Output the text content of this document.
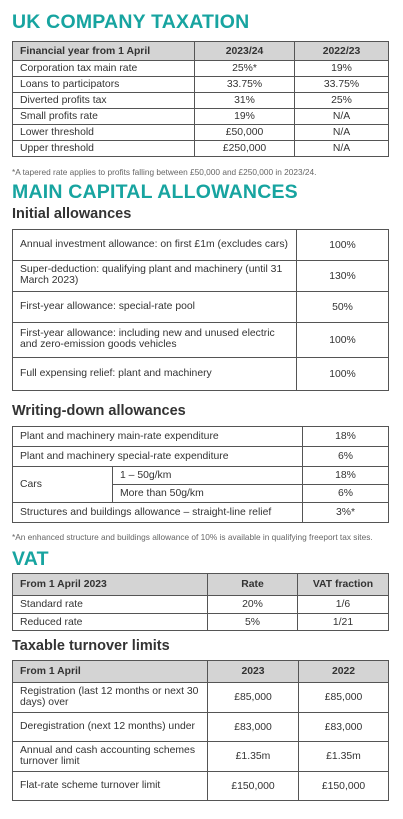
UK COMPANY TAXATION
Financial year from 1 April	2023/24	2022/23
Corporation tax main rate	25%*	19%
Loans to participators	33.75%	33.75%
Diverted profits tax	31%	25%
Small profits rate	19%	N/A
Lower threshold	£50,000	N/A
Upper threshold	£250,000	N/A
*A tapered rate applies to profits falling between £50,000 and £250,000 in 2023/24.
MAIN CAPITAL ALLOWANCES
Initial allowances
Annual investment allowance: on first £1m (excludes cars)	100%
Super-deduction: qualifying plant and machinery (until 31 March 2023)	130%
First-year allowance: special-rate pool	50%
First-year allowance: including new and unused electric and zero-emission goods vehicles	100%
Full expensing relief: plant and machinery	100%
Writing-down allowances
Plant and machinery main-rate expenditure		18%
Plant and machinery special-rate expenditure		6%
Cars	1 – 50g/km	18%
	More than 50g/km	6%
Structures and buildings allowance – straight-line relief		3%*
*An enhanced structure and buildings allowance of 10% is available in qualifying freeport tax sites.
VAT
From 1 April 2023	Rate	VAT fraction
Standard rate	20%	1/6
Reduced rate	5%	1/21
Taxable turnover limits
From 1 April	2023	2022
Registration (last 12 months or next 30 days) over	£85,000	£85,000
Deregistration (next 12 months) under	£83,000	£83,000
Annual and cash accounting schemes turnover limit	£1.35m	£1.35m
Flat-rate scheme turnover limit	£150,000	£150,000
